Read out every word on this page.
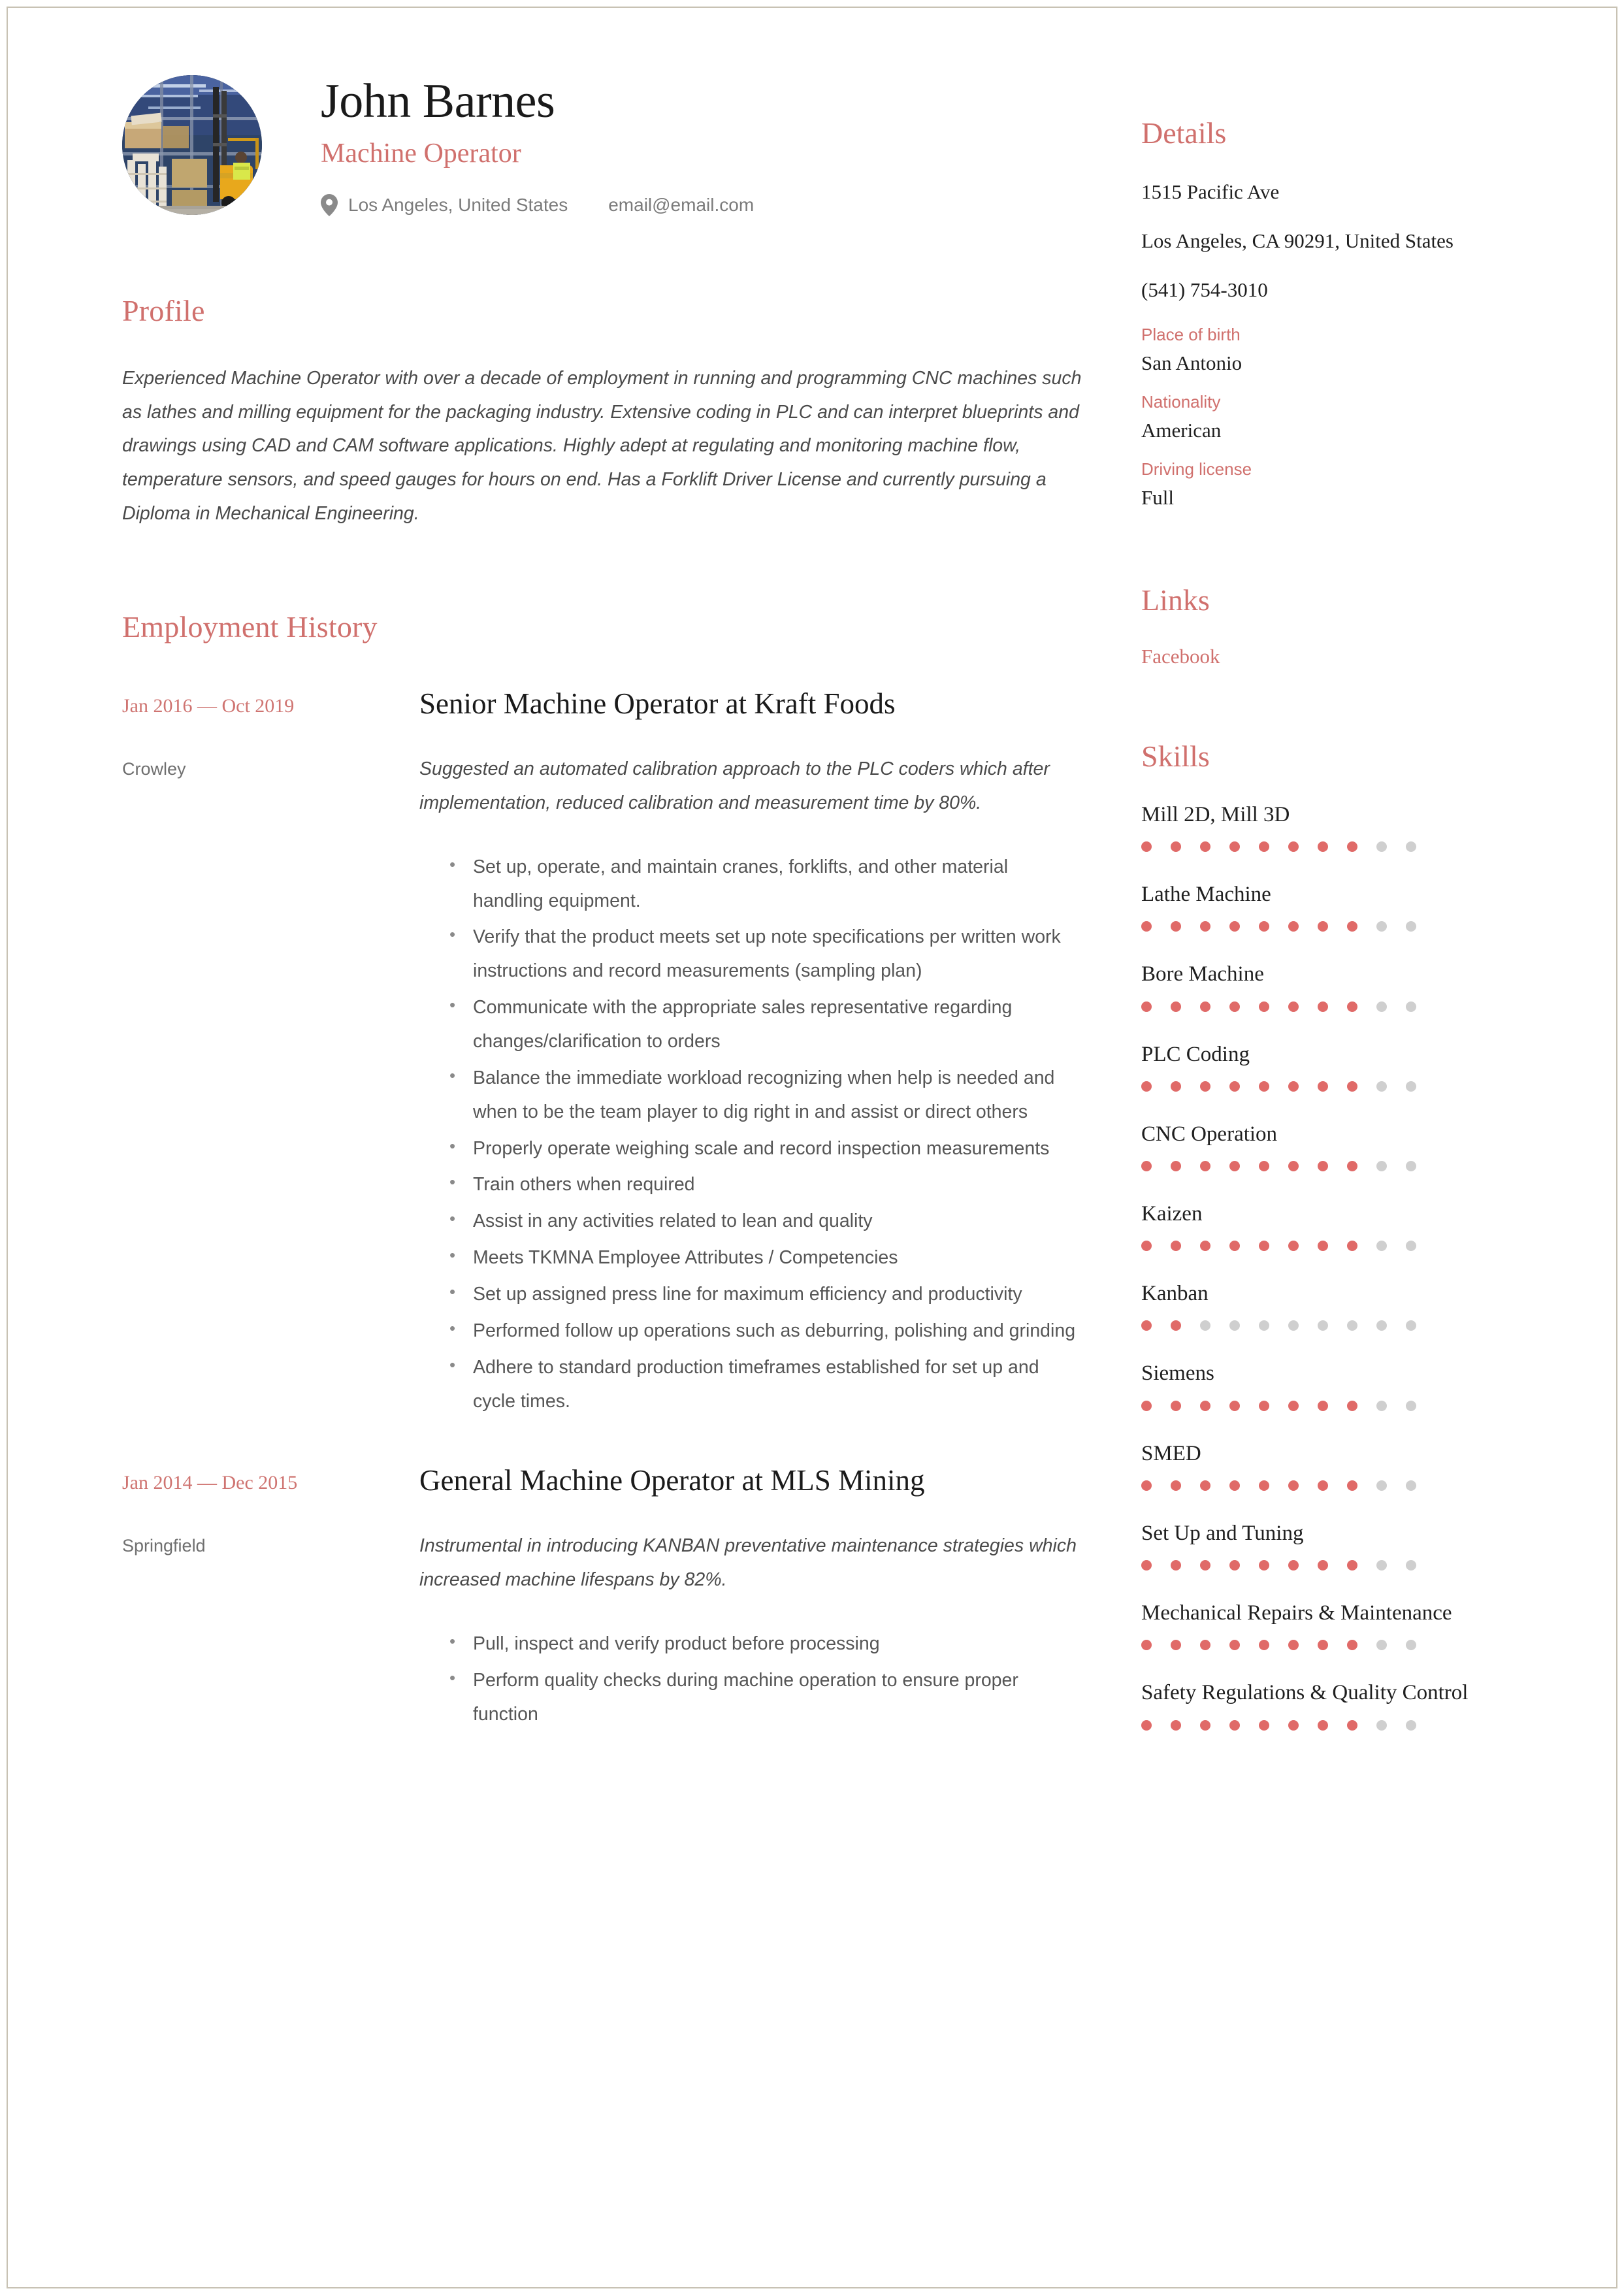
John Barnes
Machine Operator
Los Angeles, United States email@email.com
Profile

Experienced Machine Operator with over a decade of employment in running and programming CNC machines such as lathes and milling equipment for the packaging industry. Extensive coding in PLC and can interpret blueprints and drawings using CAD and CAM software applications. Highly adept at regulating and monitoring machine flow, temperature sensors, and speed gauges for hours on end. Has a Forklift Driver License and currently pursuing a Diploma in Mechanical Engineering.

Employment History
Jan 2016 — Oct 2019
Crowley
Senior Machine Operator at Kraft Foods
Suggested an automated calibration approach to the PLC coders which after implementation, reduced calibration and measurement time by 80%.
• Set up, operate, and maintain cranes, forklifts, and other material handling equipment.
• Verify that the product meets set up note specifications per written work instructions and record measurements (sampling plan)
• Communicate with the appropriate sales representative regarding changes/clarification to orders
• Balance the immediate workload recognizing when help is needed and when to be the team player to dig right in and assist or direct others
• Properly operate weighing scale and record inspection measurements
• Train others when required
• Assist in any activities related to lean and quality
• Meets TKMNA Employee Attributes / Competencies
• Set up assigned press line for maximum efficiency and productivity
• Performed follow up operations such as deburring, polishing and grinding
• Adhere to standard production timeframes established for set up and cycle times.
Jan 2014 — Dec 2015
Springfield
General Machine Operator at MLS Mining
Instrumental in introducing KANBAN preventative maintenance strategies which increased machine lifespans by 82%.
• Pull, inspect and verify product before processing
• Perform quality checks during machine operation to ensure proper function
Details
1515 Pacific Ave
Los Angeles, CA 90291, United States
(541) 754-3010
Place of birth
San Antonio
Nationality
American
Driving license
Full
Links
Facebook
Skills
Mill 2D, Mill 3D
Lathe Machine
Bore Machine
PLC Coding
CNC Operation
Kaizen
Kanban
Siemens
SMED
Set Up and Tuning
Mechanical Repairs & Maintenance
Safety Regulations & Quality Control
